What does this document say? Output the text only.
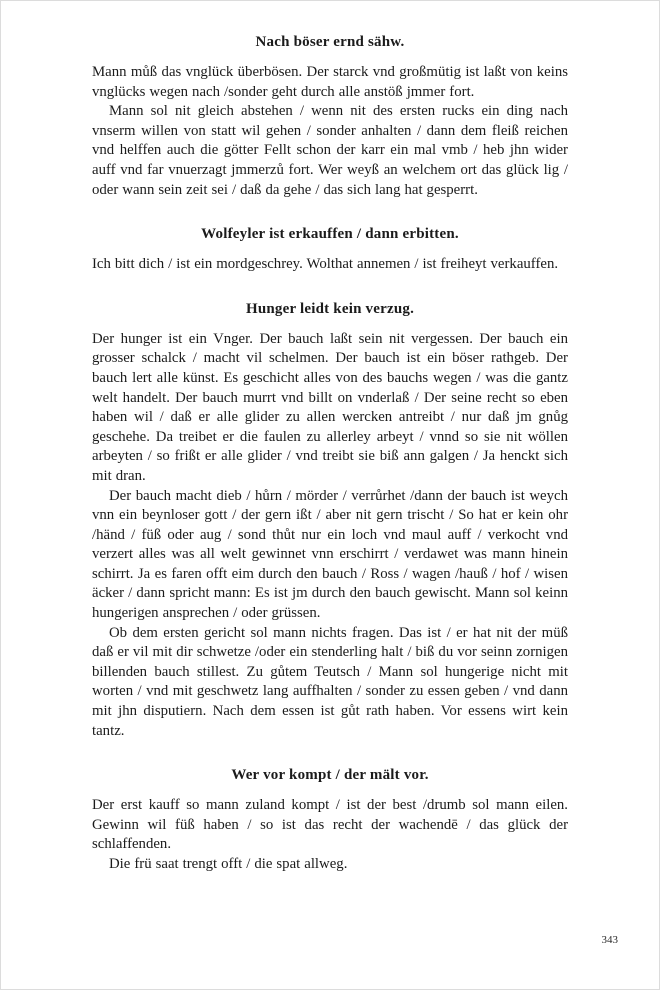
Nach böser ernd sähw.

Mann můß das vnglück überbösen. Der starck vnd großmütig ist laßt von keins vnglücks wegen nach /sonder geht durch alle anstöß jmmer fort.

Mann sol nit gleich abstehen / wenn nit des ersten rucks ein ding nach vnserm willen von statt wil gehen / sonder anhalten / dann dem fleiß reichen vnd helffen auch die götter Fellt schon der karr ein mal vmb / heb jhn wider auff vnd far vnuerzagt jmmerzů fort. Wer weyß an welchem ort das glück lig / oder wann sein zeit sei / daß da gehe / das sich lang hat gesperrt.

Wolfeyler ist erkauffen / dann erbitten.

Ich bitt dich / ist ein mordgeschrey. Wolthat annemen / ist freiheyt verkauffen.

Hunger leidt kein verzug.

Der hunger ist ein Vnger. Der bauch laßt sein nit vergessen. Der bauch ein grosser schalck / macht vil schelmen. Der bauch ist ein böser rathgeb. Der bauch lert alle künst. Es geschicht alles von des bauchs wegen / was die gantz welt handelt. Der bauch murrt vnd billt on vnderlaß / Der seine recht so eben haben wil / daß er alle glider zu allen wercken antreibt / nur daß jm gnůg geschehe. Da treibet er die faulen zu allerley arbeyt / vnnd so sie nit wöllen arbeyten / so frißt er alle glider / vnd treibt sie biß ann galgen / Ja henckt sich mit dran.

Der bauch macht dieb / hůrn / mörder / verrůrhet /dann der bauch ist weych vnn ein beynloser gott / der gern ißt / aber nit gern trischt / So hat er kein ohr /händ / füß oder aug / sond thůt nur ein loch vnd maul auff / verkocht vnd verzert alles was all welt gewinnet vnn erschirrt / verdawet was mann hinein schirrt. Ja es faren offt eim durch den bauch / Ross / wagen /hauß / hof / wisen äcker / dann spricht mann: Es ist jm durch den bauch gewischt. Mann sol keinn hungerigen ansprechen / oder grüssen.

Ob dem ersten gericht sol mann nichts fragen. Das ist / er hat nit der müß daß er vil mit dir schwetze /oder ein stenderling halt / biß du vor seinn zornigen billenden bauch stillest. Zu gůtem Teutsch / Mann sol hungerige nicht mit worten / vnd mit geschwetz lang auffhalten / sonder zu essen geben / vnd dann mit jhn disputiern. Nach dem essen ist gůt rath haben. Vor essens wirt kein tantz.

Wer vor kompt / der mält vor.

Der erst kauff so mann zuland kompt / ist der best /drumb sol mann eilen. Gewinn wil füß haben / so ist das recht der wachendē / das glück der schlaffenden.

Die frü saat trengt offt / die spat allweg.

343
